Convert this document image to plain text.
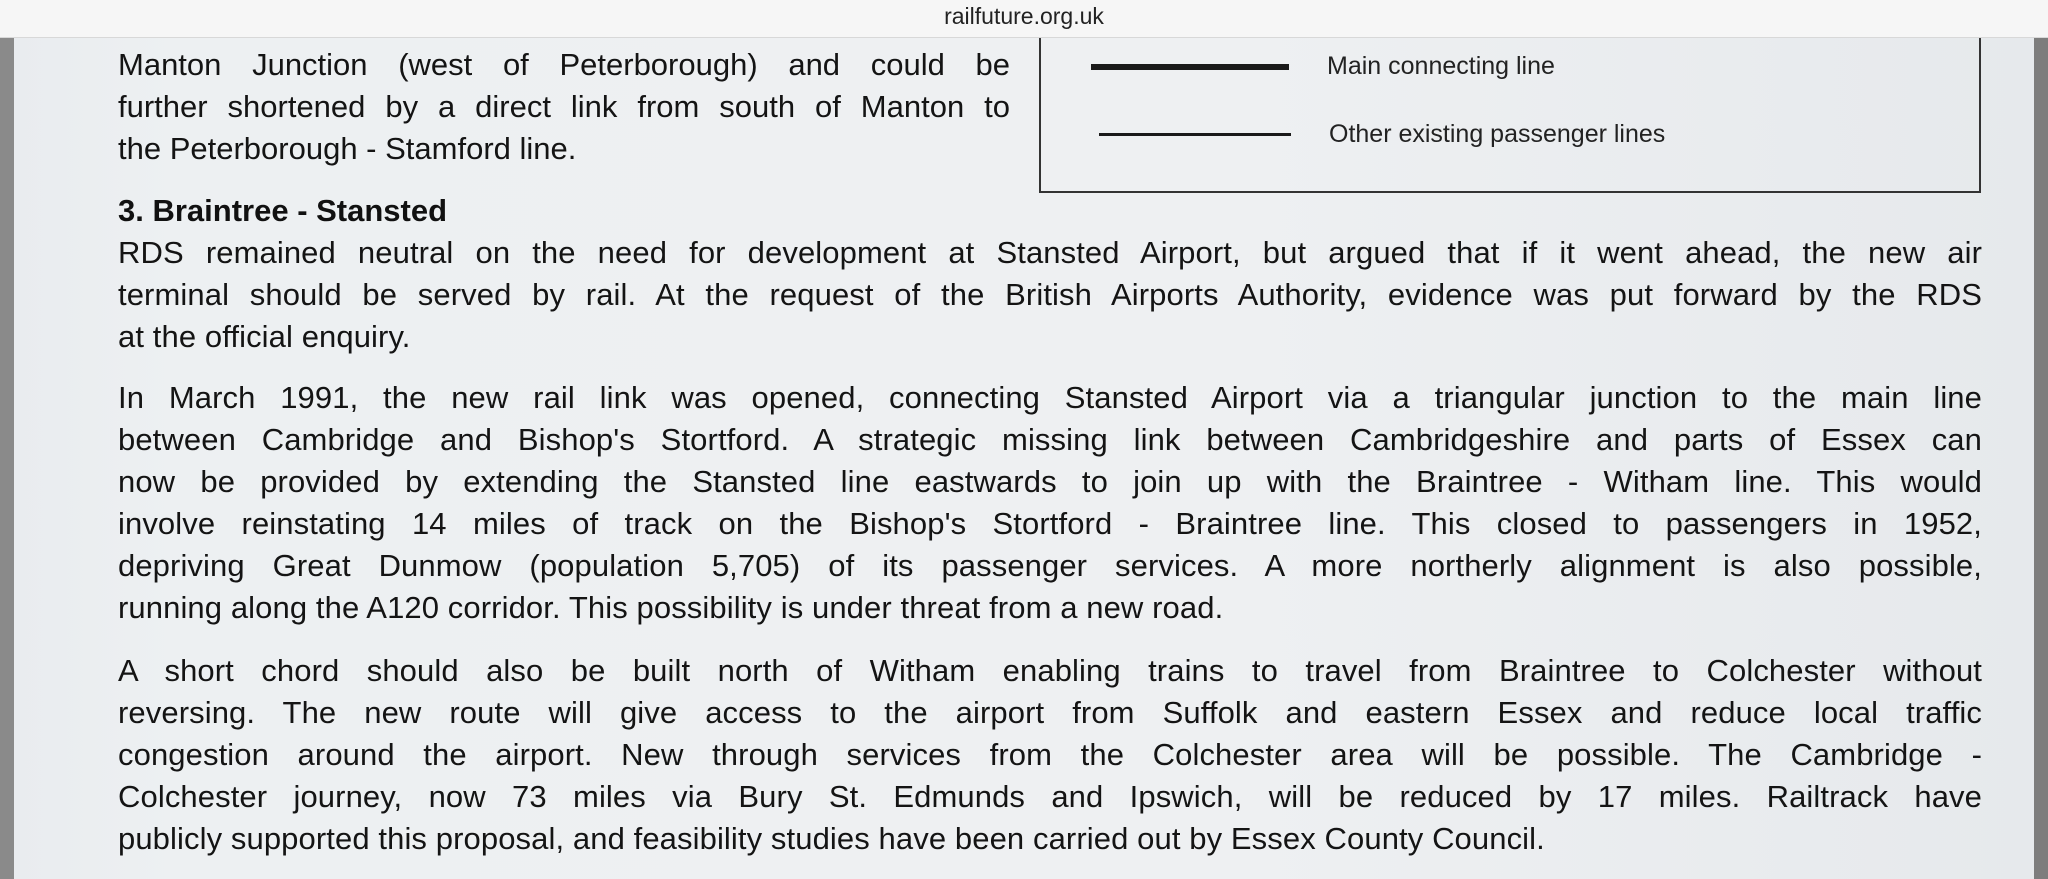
railfuture.org.uk
Manton Junction (west of Peterborough) and could be
further shortened by a direct link from south of Manton to
the Peterborough - Stamford line.
Main connecting line
Other existing passenger lines
3. Braintree - Stansted
RDS remained neutral on the need for development at Stansted Airport, but argued that if it went ahead, the new air
terminal should be served by rail. At the request of the British Airports Authority, evidence was put forward by the RDS
at the official enquiry.
In March 1991, the new rail link was opened, connecting Stansted Airport via a triangular junction to the main line
between Cambridge and Bishop's Stortford. A strategic missing link between Cambridgeshire and parts of Essex can
now be provided by extending the Stansted line eastwards to join up with the Braintree - Witham line. This would
involve reinstating 14 miles of track on the Bishop's Stortford - Braintree line. This closed to passengers in 1952,
depriving Great Dunmow (population 5,705) of its passenger services. A more northerly alignment is also possible,
running along the A120 corridor. This possibility is under threat from a new road.
A short chord should also be built north of Witham enabling trains to travel from Braintree to Colchester without
reversing. The new route will give access to the airport from Suffolk and eastern Essex and reduce local traffic
congestion around the airport. New through services from the Colchester area will be possible. The Cambridge -
Colchester journey, now 73 miles via Bury St. Edmunds and Ipswich, will be reduced by 17 miles. Railtrack have
publicly supported this proposal, and feasibility studies have been carried out by Essex County Council.
